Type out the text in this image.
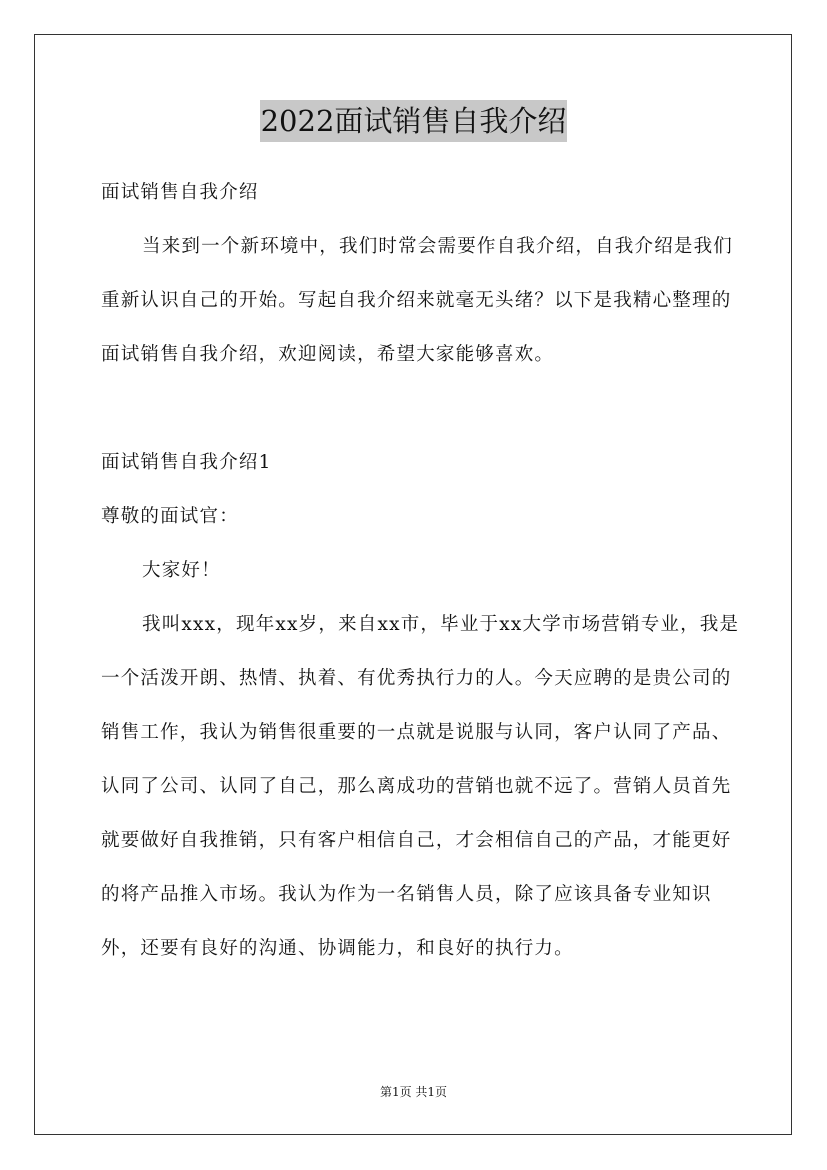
2022面试销售自我介绍

面试销售自我介绍

当来到一个新环境中，我们时常会需要作自我介绍，自我介绍是我们重新认识自己的开始。写起自我介绍来就毫无头绪？以下是我精心整理的面试销售自我介绍，欢迎阅读，希望大家能够喜欢。

面试销售自我介绍1

尊敬的面试官：

大家好！

我叫xxx，现年xx岁，来自xx市，毕业于xx大学市场营销专业，我是一个活泼开朗、热情、执着、有优秀执行力的人。今天应聘的是贵公司的销售工作，我认为销售很重要的一点就是说服与认同，客户认同了产品、认同了公司、认同了自己，那么离成功的营销也就不远了。营销人员首先就要做好自我推销，只有客户相信自己，才会相信自己的产品，才能更好的将产品推入市场。我认为作为一名销售人员，除了应该具备专业知识外，还要有良好的沟通、协调能力，和良好的执行力。

第1页 共1页
